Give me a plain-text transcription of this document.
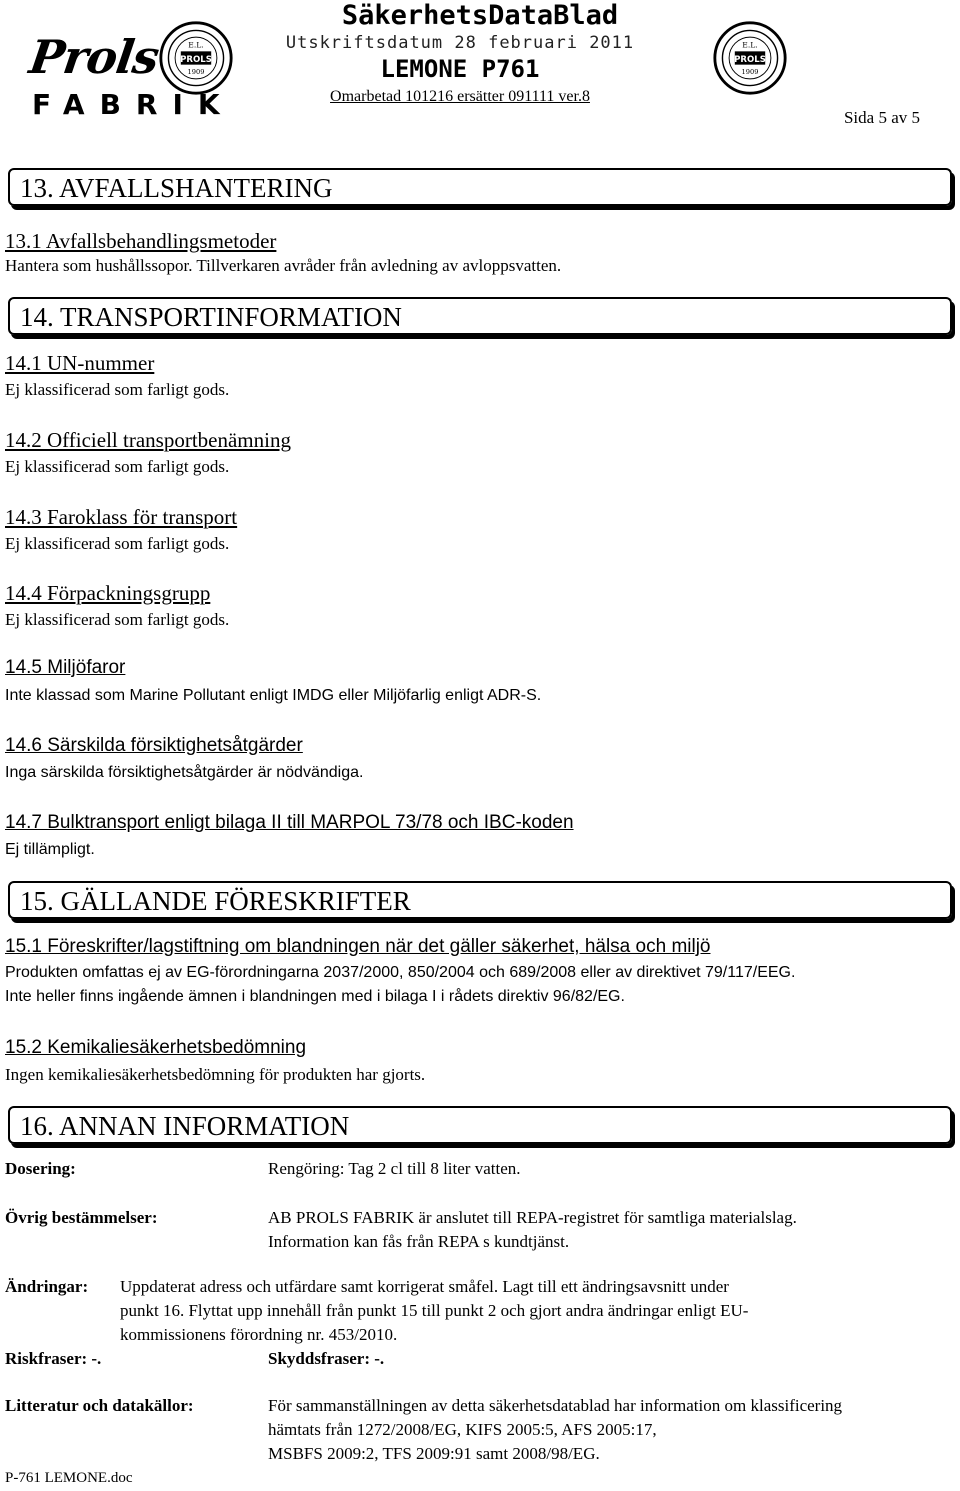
Prols
FABRIK
E.L.
PROLS
1909
E.L.
PROLS
1909
SäkerhetsDataBlad
Utskriftsdatum 28 februari 2011
LEMONE P761
Omarbetad 101216 ersätter 091111 ver.8
Sida 5 av 5
13. AVFALLSHANTERING
13.1 Avfallsbehandlingsmetoder
Hantera som hushållssopor. Tillverkaren avråder från avledning av avloppsvatten.
14. TRANSPORTINFORMATION
14.1 UN-nummer
Ej klassificerad som farligt gods.
14.2 Officiell transportbenämning
Ej klassificerad som farligt gods.
14.3 Faroklass för transport
Ej klassificerad som farligt gods.
14.4 Förpackningsgrupp
Ej klassificerad som farligt gods.
14.5 Miljöfaror
Inte klassad som Marine Pollutant enligt IMDG eller Miljöfarlig enligt ADR-S.
14.6 Särskilda försiktighetsåtgärder
Inga särskilda försiktighetsåtgärder är nödvändiga.
14.7 Bulktransport enligt bilaga II till MARPOL 73/78 och IBC-koden
Ej tillämpligt.
15. GÄLLANDE FÖRESKRIFTER
15.1 Föreskrifter/lagstiftning om blandningen när det gäller säkerhet, hälsa och miljö
Produkten omfattas ej av EG-förordningarna 2037/2000, 850/2004 och 689/2008 eller av direktivet 79/117/EEG.
Inte heller finns ingående ämnen i blandningen med i bilaga I i rådets direktiv 96/82/EG.
15.2 Kemikaliesäkerhetsbedömning
Ingen kemikaliesäkerhetsbedömning för produkten har gjorts.
16. ANNAN INFORMATION
Dosering:	Rengöring: Tag 2 cl till 8 liter vatten.
Övrig bestämmelser:	AB PROLS FABRIK är anslutet till REPA-registret för samtliga materialslag.
Information kan fås från REPA s kundtjänst.
Ändringar: Uppdaterat adress och utfärdare samt korrigerat småfel. Lagt till ett ändringsavsnitt under
punkt 16. Flyttat upp innehåll från punkt 15 till punkt 2 och gjort andra ändringar enligt EU-
kommissionens förordning nr. 453/2010.
Riskfraser: -.	Skyddsfraser: -.
Litteratur och datakällor:	För sammanställningen av detta säkerhetsdatablad har information om klassificering
hämtats från 1272/2008/EG, KIFS 2005:5, AFS 2005:17,
MSBFS 2009:2, TFS 2009:91 samt 2008/98/EG.
P-761 LEMONE.doc
